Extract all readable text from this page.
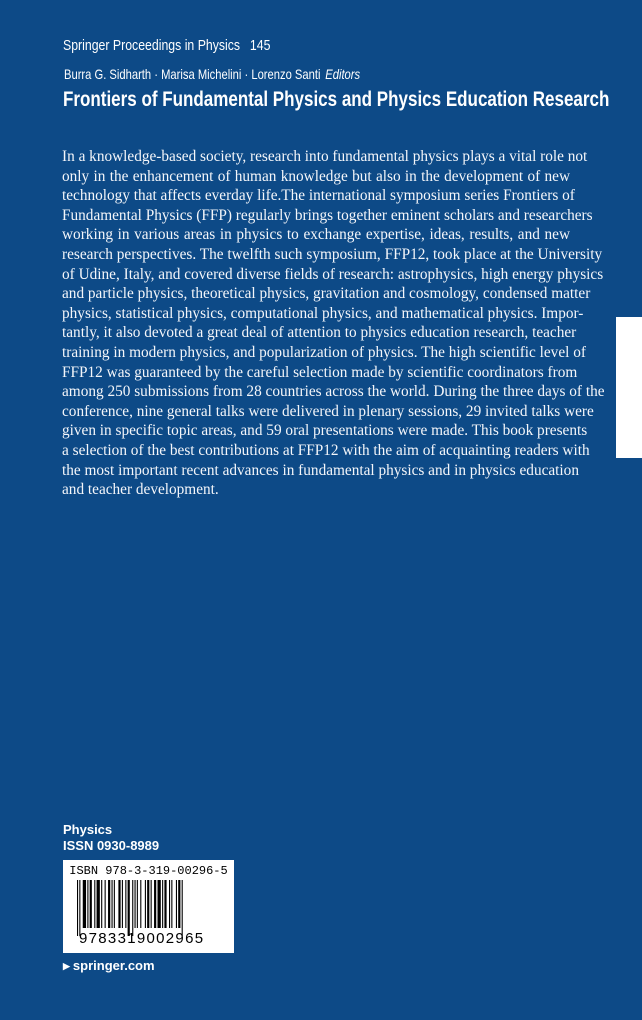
Springer Proceedings in Physics 145
Burra G. Sidharth · Marisa Michelini · Lorenzo Santi Editors
Frontiers of Fundamental Physics and Physics Education Research
In a knowledge-based society, research into fundamental physics plays a vital role not
only in the enhancement of human knowledge but also in the development of new
technology that affects everday life.The international symposium series Frontiers of
Fundamental Physics (FFP) regularly brings together eminent scholars and researchers
working in various areas in physics to exchange expertise, ideas, results, and new
research perspectives. The twelfth such symposium, FFP12, took place at the University
of Udine, Italy, and covered diverse fields of research: astrophysics, high energy physics
and particle physics, theoretical physics, gravitation and cosmology, condensed matter
physics, statistical physics, computational physics, and mathematical physics. Impor-
tantly, it also devoted a great deal of attention to physics education research, teacher
training in modern physics, and popularization of physics. The high scientific level of
FFP12 was guaranteed by the careful selection made by scientific coordinators from
among 250 submissions from 28 countries across the world. During the three days of the
conference, nine general talks were delivered in plenary sessions, 29 invited talks were
given in specific topic areas, and 59 oral presentations were made. This book presents
a selection of the best contributions at FFP12 with the aim of acquainting readers with
the most important recent advances in fundamental physics and in physics education
and teacher development.
Physics
ISSN 0930-8989
ISBN 978-3-319-00296-5
9783319002965
▶ springer.com
